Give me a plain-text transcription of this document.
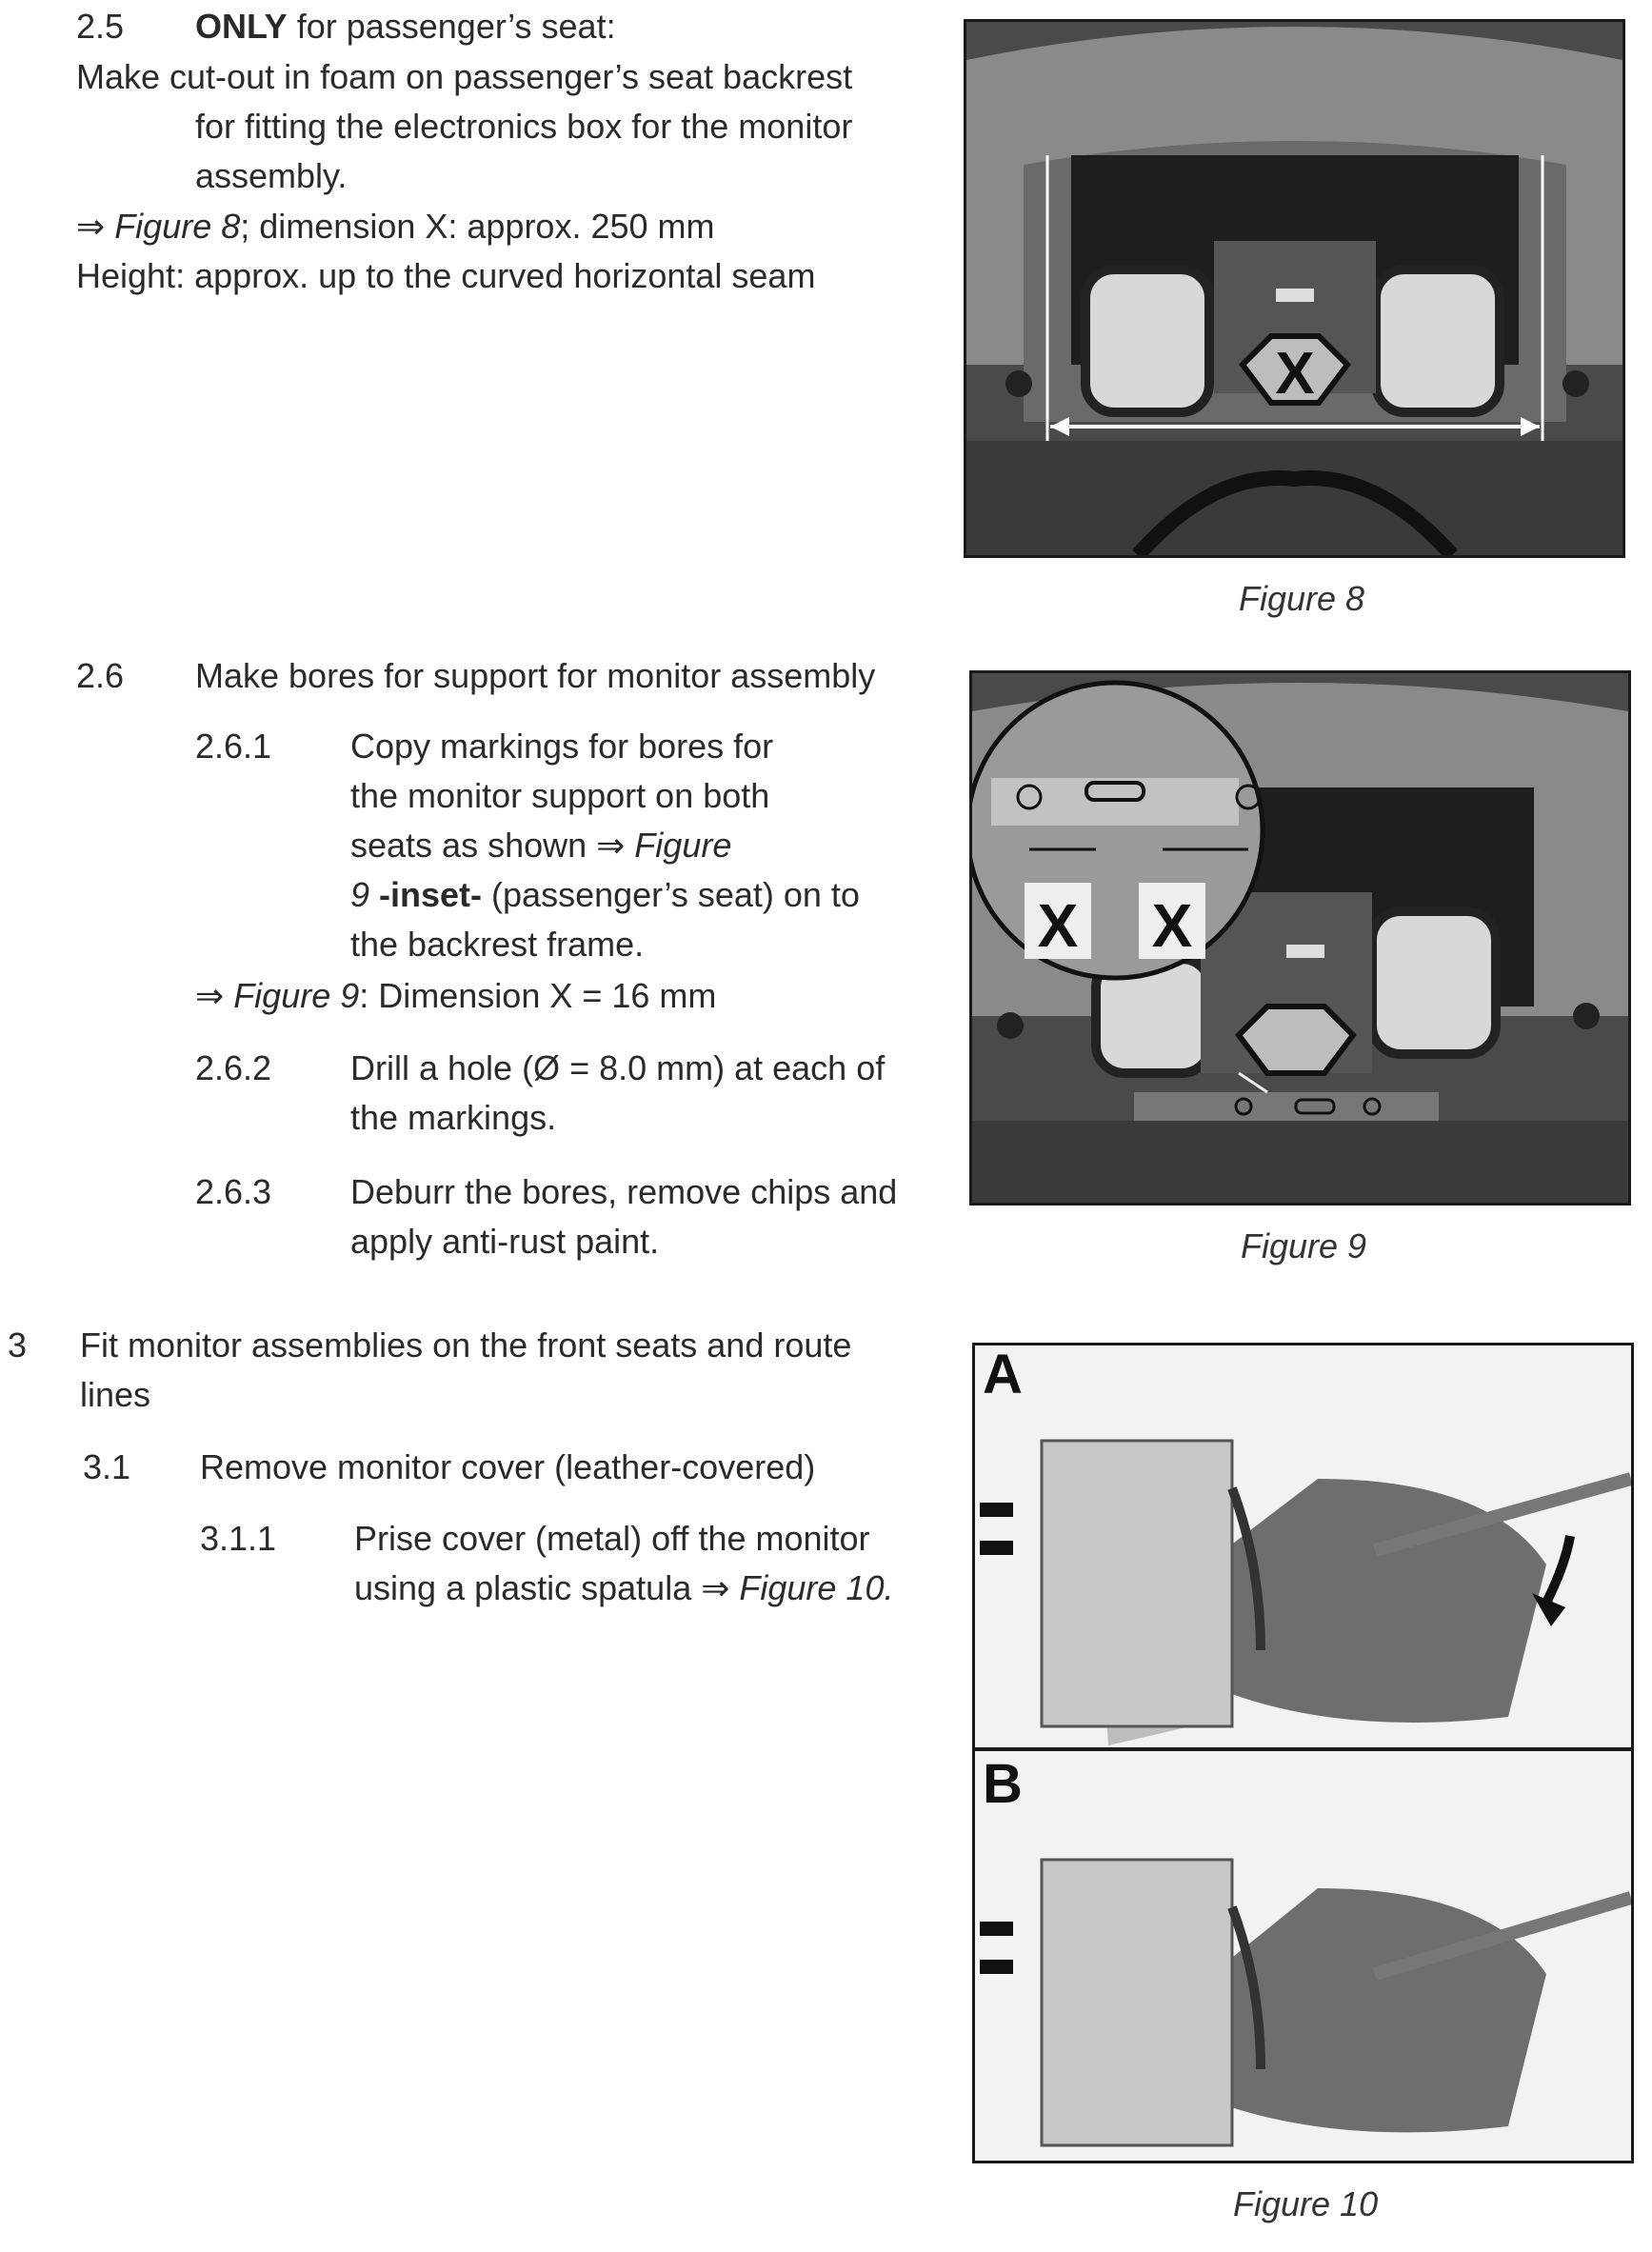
2.5 ONLY for passenger’s seat:
Make cut-out in foam on passenger’s seat backrest
for fitting the electronics box for the monitor
assembly.
⇒ Figure 8; dimension X: approx. 250 mm
Height: approx. up to the curved horizontal seam
X
Figure 8
2.6 Make bores for support for monitor assembly
2.6.1 Copy markings for bores for
the monitor support on both
seats as shown ⇒ Figure
9 -inset- (passenger’s seat) on to
the backrest frame.
⇒ Figure 9: Dimension X = 16 mm
2.6.2 Drill a hole (Ø = 8.0 mm) at each of
the markings.
2.6.3 Deburr the bores, remove chips and
apply anti-rust paint.
X X
Figure 9
3 Fit monitor assemblies on the front seats and route
lines
3.1 Remove monitor cover (leather-covered)
3.1.1 Prise cover (metal) off the monitor
using a plastic spatula ⇒ Figure 10.
A
B
Figure 10
